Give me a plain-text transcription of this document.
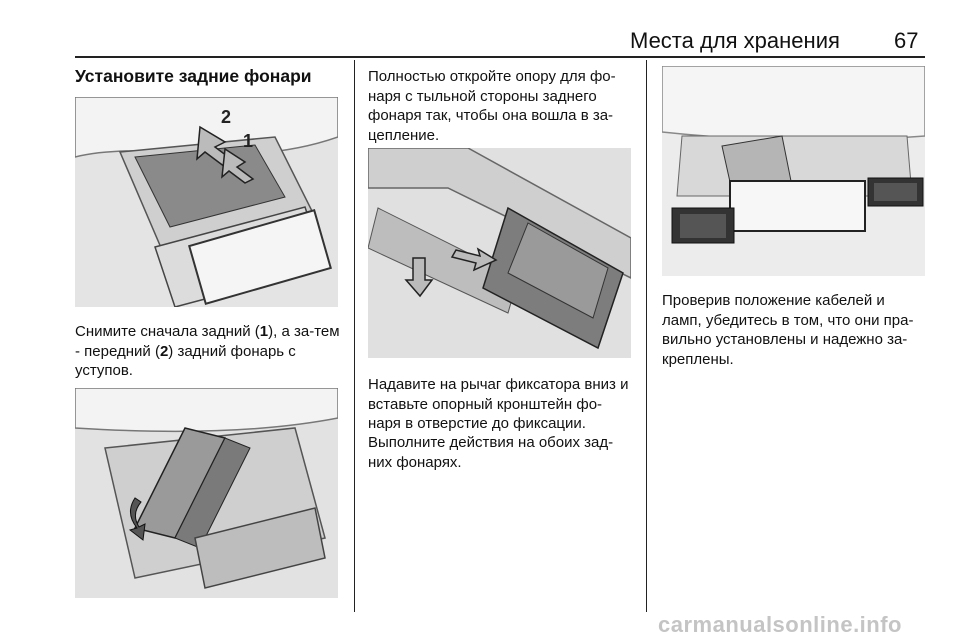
Места для хранения 67
Установите задние фонари
2
1

Снимите сначала задний (1), а за-тем - передний (2) задний фонарь с уступов.

Полностью откройте опору для фо-наря с тыльной стороны заднего фонаря так, чтобы она вошла в за-цепление.

Надавите на рычаг фиксатора вниз и вставьте опорный кронштейн фо-наря в отверстие до фиксации.

Выполните действия на обоих зад-них фонарях.

Проверив положение кабелей и ламп, убедитесь в том, что они пра-вильно установлены и надежно за-креплены.

carmanualsonline.info
